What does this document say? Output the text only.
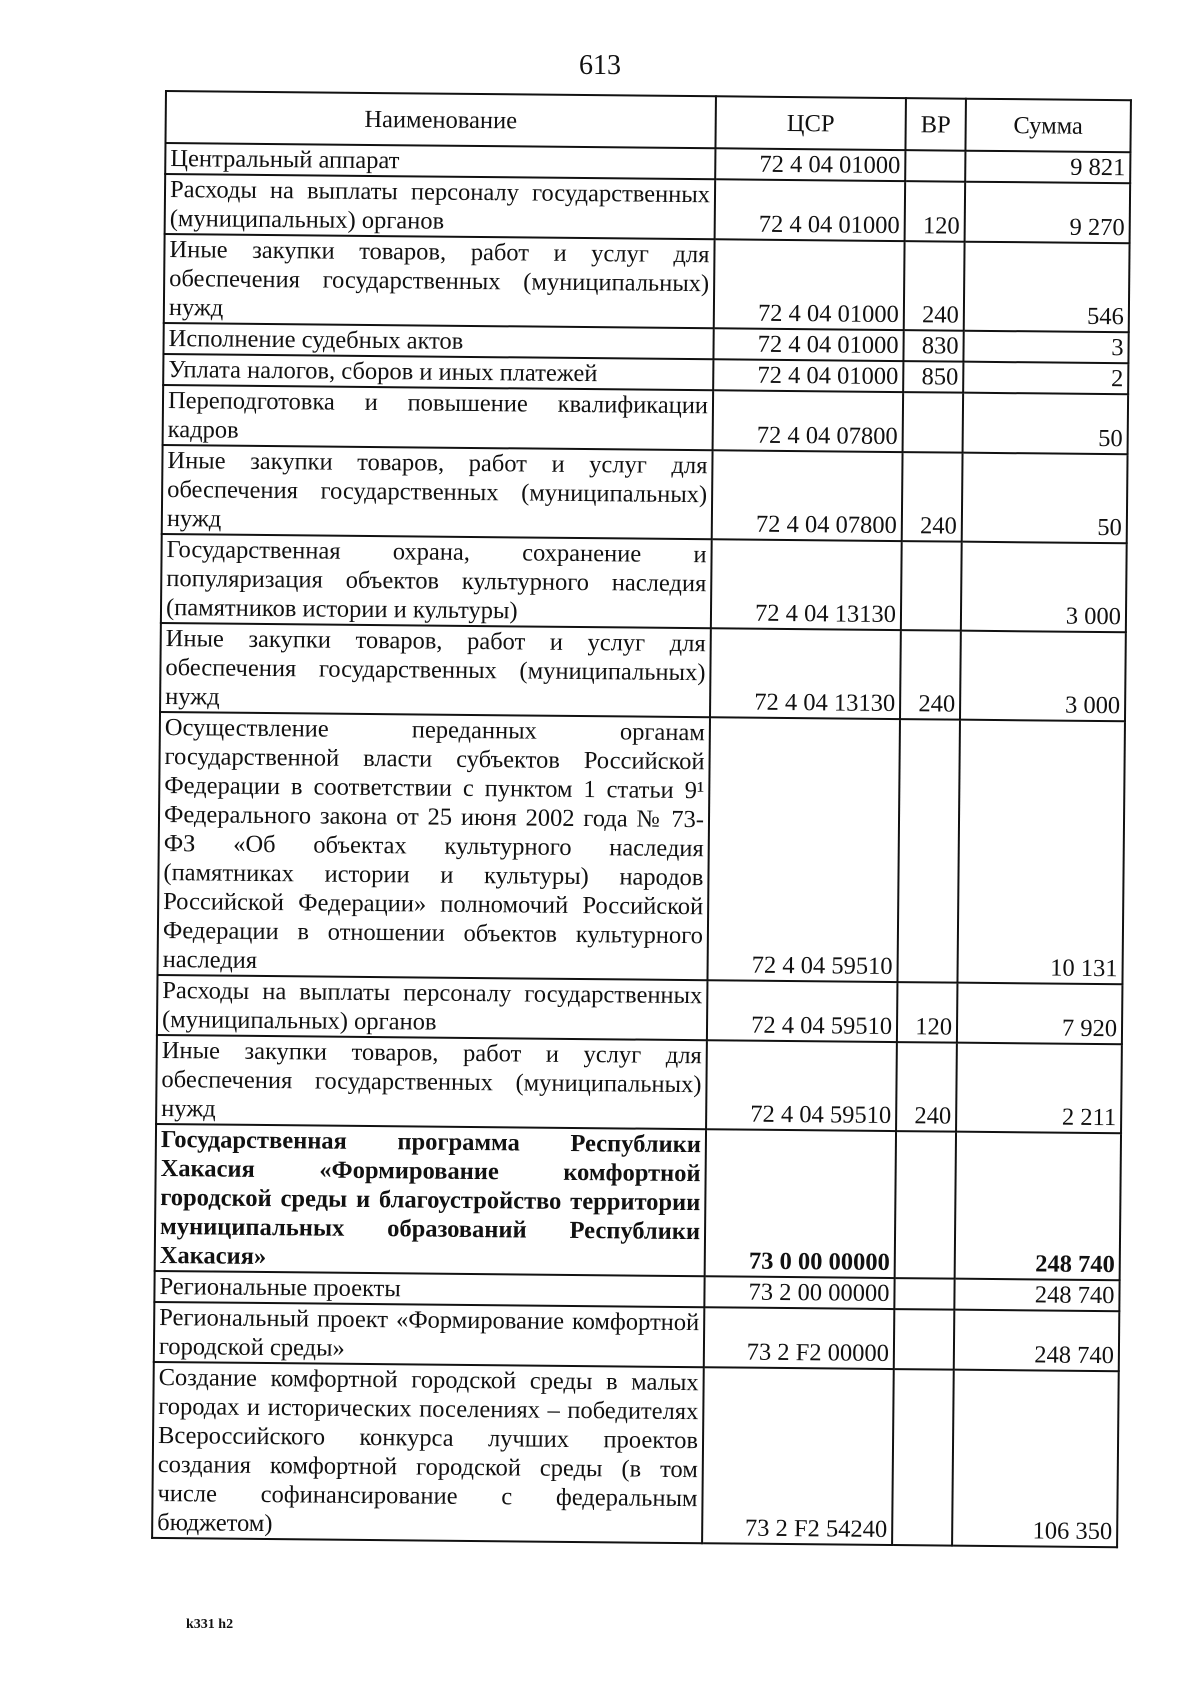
613
Наименование	ЦСР	ВР	Сумма
Центральный аппарат	72 4 04 01000		9 821
Расходы на выплаты персоналу государственных (муниципальных) органов	72 4 04 01000	120	9 270
Иные закупки товаров, работ и услуг для обеспечения государственных (муниципальных) нужд	72 4 04 01000	240	546
Исполнение судебных актов	72 4 04 01000	830	3
Уплата налогов, сборов и иных платежей	72 4 04 01000	850	2
Переподготовка и повышение квалификации кадров	72 4 04 07800		50
Иные закупки товаров, работ и услуг для обеспечения государственных (муниципальных) нужд	72 4 04 07800	240	50
Государственная охрана, сохранение и популяризация объектов культурного наследия (памятников истории и культуры)	72 4 04 13130		3 000
Иные закупки товаров, работ и услуг для обеспечения государственных (муниципальных) нужд	72 4 04 13130	240	3 000
Осуществление переданных органам государственной власти субъектов Российской Федерации в соответствии с пунктом 1 статьи 9¹ Федерального закона от 25 июня 2002 года № 73-ФЗ «Об объектах культурного наследия (памятниках истории и культуры) народов Российской Федерации» полномочий Российской Федерации в отношении объектов культурного наследия	72 4 04 59510		10 131
Расходы на выплаты персоналу государственных (муниципальных) органов	72 4 04 59510	120	7 920
Иные закупки товаров, работ и услуг для обеспечения государственных (муниципальных) нужд	72 4 04 59510	240	2 211
Государственная программа Республики Хакасия «Формирование комфортной городской среды и благоустройство территории муниципальных образований Республики Хакасия»	73 0 00 00000		248 740
Региональные проекты	73 2 00 00000		248 740
Региональный проект «Формирование комфортной городской среды»	73 2 F2 00000		248 740
Создание комфортной городской среды в малых городах и исторических поселениях – победителях Всероссийского конкурса лучших проектов создания комфортной городской среды (в том числе софинансирование с федеральным бюджетом)	73 2 F2 54240		106 350
k331 h2
